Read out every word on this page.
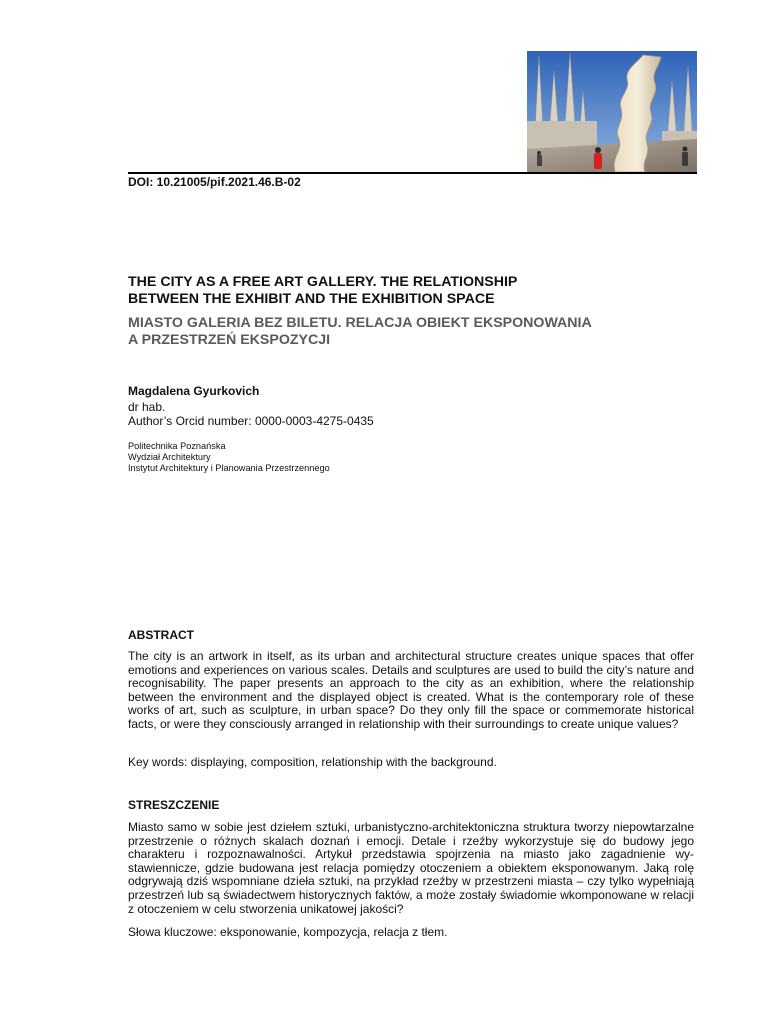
DOI: 10.21005/pif.2021.46.B-02
THE CITY AS A FREE ART GALLERY. THE RELATIONSHIP
BETWEEN THE EXHIBIT AND THE EXHIBITION SPACE
MIASTO GALERIA BEZ BILETU. RELACJA OBIEKT EKSPONOWANIA
A PRZESTRZEŃ EKSPOZYCJI
Magdalena Gyurkovich
dr hab.
Author’s Orcid number: 0000-0003-4275-0435
Politechnika Poznańska
Wydział Architektury
Instytut Architektury i Planowania Przestrzennego
ABSTRACT
The city is an artwork in itself, as its urban and architectural structure creates unique spaces that offer emotions and experiences on various scales. Details and sculptures are used to build the city’s nature and recognisability. The paper presents an approach to the city as an exhibition, where the relationship between the environment and the displayed object is created. What is the contemporary role of these works of art, such as sculpture, in urban space? Do they only fill the space or commemorate historical facts, or were they consciously arranged in relationship with their surroundings to create unique values?
Key words: displaying, composition, relationship with the background.
STRESZCZENIE
Miasto samo w sobie jest dziełem sztuki, urbanistyczno-architektoniczna struktura tworzy niepowtarzalne przestrzenie o różnych skalach doznań i emocji. Detale i rzeźby wykorzystuje się do budowy jego charakteru i rozpoznawalności. Artykuł przedstawia spojrzenia na miasto jako zagadnienie wystawiennicze, gdzie budowana jest relacja pomiędzy otoczeniem a obiektem eksponowanym. Jaką rolę odgrywają dziś wspomniane dzieła sztuki, na przykład rzeźby w przestrzeni miasta – czy tylko wypełniają przestrzeń lub są świadectwem historycznych faktów, a może zostały świadomie wkomponowane w relacji z otoczeniem w celu stworzenia unikatowej jakości?
Słowa kluczowe: eksponowanie, kompozycja, relacja z tłem.
